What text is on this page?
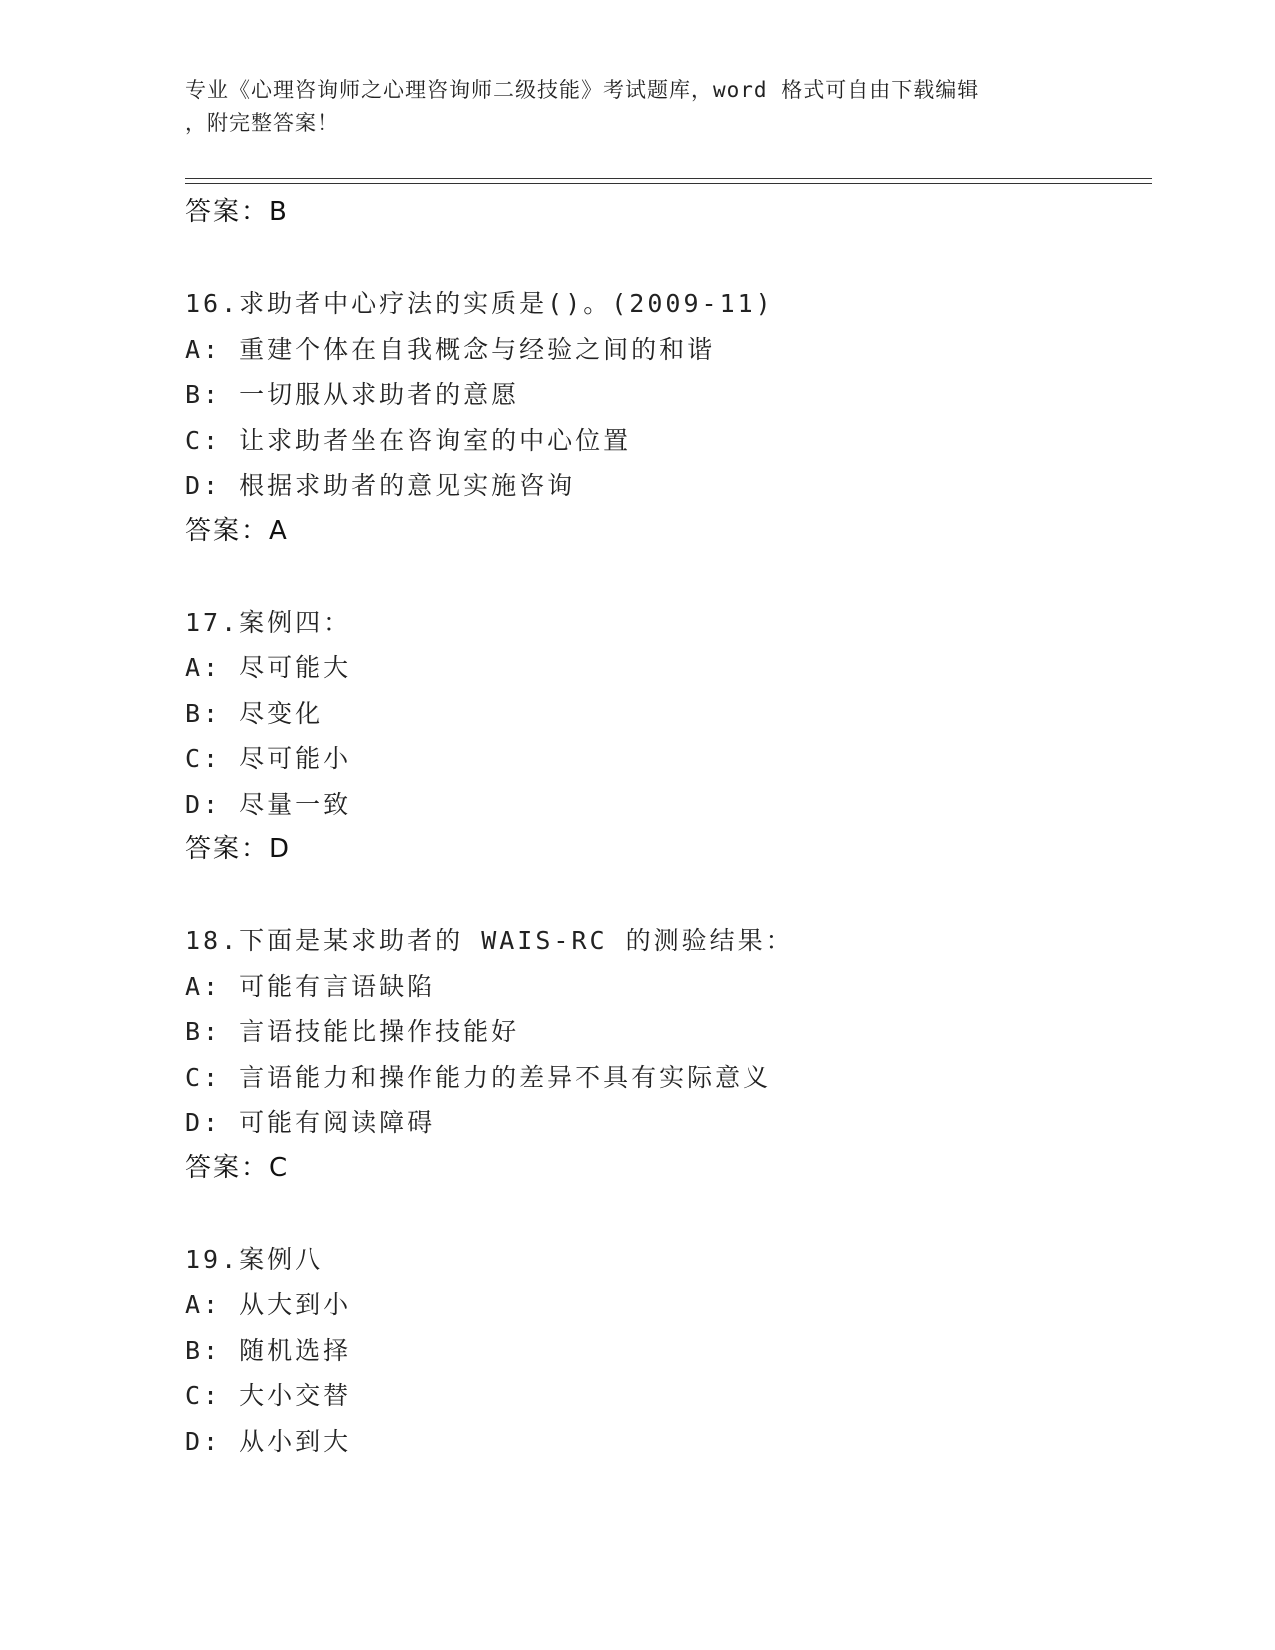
专业《心理咨询师之心理咨询师二级技能》考试题库，word 格式可自由下载编辑
，附完整答案！
答案：B
16.求助者中心疗法的实质是()。(2009-11)
A: 重建个体在自我概念与经验之间的和谐
B: 一切服从求助者的意愿
C: 让求助者坐在咨询室的中心位置
D: 根据求助者的意见实施咨询
答案：A
17.案例四：
A: 尽可能大
B: 尽变化
C: 尽可能小
D: 尽量一致
答案：D
18.下面是某求助者的 WAIS-RC 的测验结果：
A: 可能有言语缺陷
B: 言语技能比操作技能好
C: 言语能力和操作能力的差异不具有实际意义
D: 可能有阅读障碍
答案：C
19.案例八
A: 从大到小
B: 随机选择
C: 大小交替
D: 从小到大
